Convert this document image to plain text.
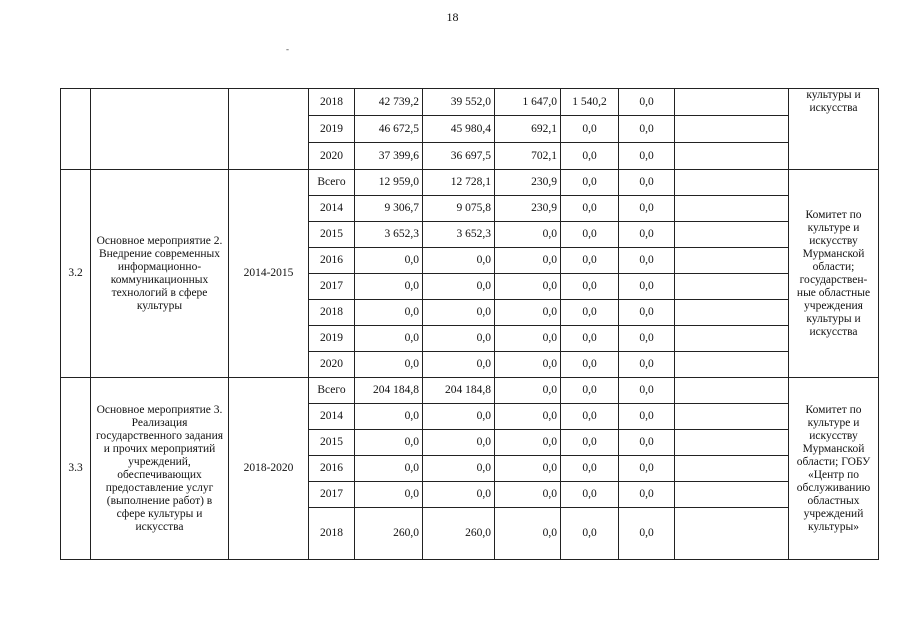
18
-
			2018	42 739,2	39 552,0	1 647,0	1 540,2	0,0		культуры и искусства
			2019	46 672,5	45 980,4	692,1	0,0	0,0		
			2020	37 399,6	36 697,5	702,1	0,0	0,0		
3.2	Основное мероприятие 2. Внедрение современных информационно-коммуникационных технологий в сфере культуры	2014-2015	Всего	12 959,0	12 728,1	230,9	0,0	0,0		Комитет по культуре и искусству Мурманской области; государствен-ные областные учреждения культуры и искусства
			2014	9 306,7	9 075,8	230,9	0,0	0,0		
			2015	3 652,3	3 652,3	0,0	0,0	0,0		
			2016	0,0	0,0	0,0	0,0	0,0		
			2017	0,0	0,0	0,0	0,0	0,0		
			2018	0,0	0,0	0,0	0,0	0,0		
			2019	0,0	0,0	0,0	0,0	0,0		
			2020	0,0	0,0	0,0	0,0	0,0		
3.3	Основное мероприятие 3. Реализация государственного задания и прочих мероприятий учреждений, обеспечивающих предоставление услуг (выполнение работ) в сфере культуры и искусства	2018-2020	Всего	204 184,8	204 184,8	0,0	0,0	0,0		Комитет по культуре и искусству Мурманской области; ГОБУ «Центр по обслуживанию областных учреждений культуры»
			2014	0,0	0,0	0,0	0,0	0,0		
			2015	0,0	0,0	0,0	0,0	0,0		
			2016	0,0	0,0	0,0	0,0	0,0		
			2017	0,0	0,0	0,0	0,0	0,0		
			2018	260,0	260,0	0,0	0,0	0,0		
